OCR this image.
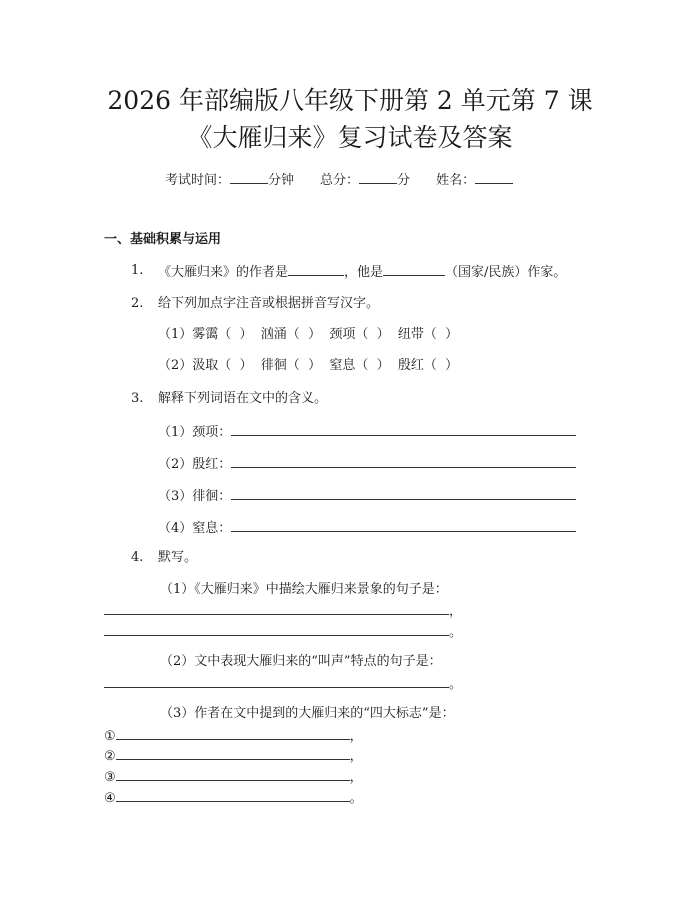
2026 年部编版八年级下册第 2 单元第 7 课
《大雁归来》复习试卷及答案
考试时间：	分钟 总分：	分 姓名：
一、基础积累与运用
1. 《大雁归来》的作者是	，他是	（国家/民族）作家。
2. 给下列加点字注音或根据拼音写汉字。
（1）雾霭（  ）  汹涌（  ）  颈项（  ）  纽带（  ）
（2）汲取（  ）  徘徊（  ）  窒息（  ）  殷红（  ）
3. 解释下列词语在文中的含义。
（1）颈项：
（2）殷红：
（3）徘徊：
（4）窒息：
4. 默写。
（1）《大雁归来》中描绘大雁归来景象的句子是：
，
。
（2）文中表现大雁归来的“叫声”特点的句子是：
。
（3）作者在文中提到的大雁归来的“四大标志”是：
①	，
②	，
③	，
④	。
